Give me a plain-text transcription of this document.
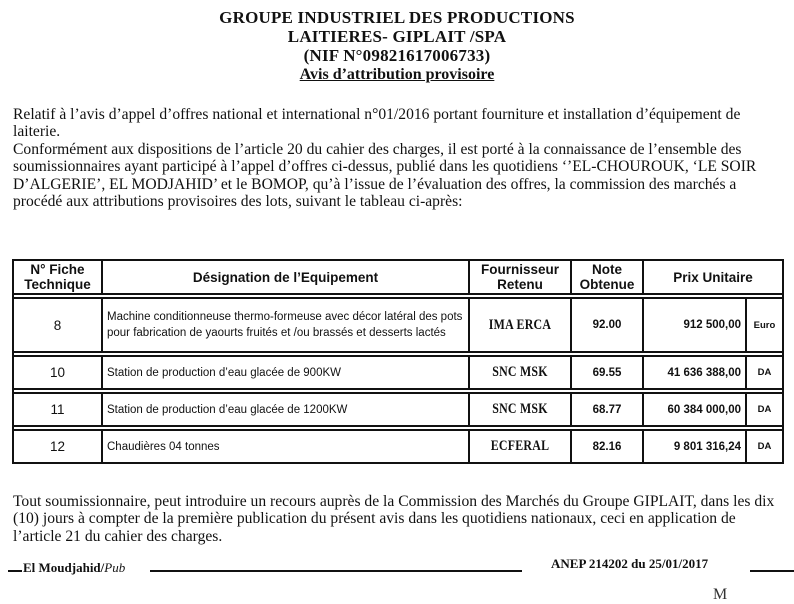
GROUPE INDUSTRIEL DES PRODUCTIONS
LAITIERES- GIPLAIT /SPA
(NIF N°09821617006733)
Avis d’attribution provisoire

Relatif à l’avis d’appel d’offres national et international n°01/2016 portant fourniture et installation d’équipement de laiterie.

Conformément aux dispositions de l’article 20 du cahier des charges, il est porté à la connaissance de l’ensemble des soumissionnaires ayant participé à l’appel d’offres ci-dessus, publié dans les quotidiens ‘’EL-CHOUROUK, ‘LE SOIR D’ALGERIE’, EL MODJAHID’ et le BOMOP, qu’à l’issue de l’évaluation des offres, la commission des marchés a procédé aux attributions provisoires des lots, suivant le tableau ci-après:

N° Fiche Technique	Désignation de l’Equipement	Fournisseur Retenu	Note Obtenue	Prix Unitaire	

8	Machine conditionneuse thermo-formeuse avec décor latéral des pots pour fabrication de yaourts fruités et /ou brassés et desserts lactés	IMA ERCA	92.00	912 500,00	Euro

10	Station de production d’eau glacée de 900KW	SNC MSK	69.55	41 636 388,00	DA

11	Station de production d’eau glacée de 1200KW	SNC MSK	68.77	60 384 000,00	DA

12	Chaudières 04 tonnes	ECFERAL	82.16	9 801 316,24	DA

Tout soumissionnaire, peut introduire un recours auprès de la Commission des Marchés du Groupe GIPLAIT, dans les dix (10) jours à compter de la première publication du présent avis dans les quotidiens nationaux, ceci en application de l’article 21 du cahier des charges.

El Moudjahid/Pub	ANEP 214202 du 25/01/2017
M
